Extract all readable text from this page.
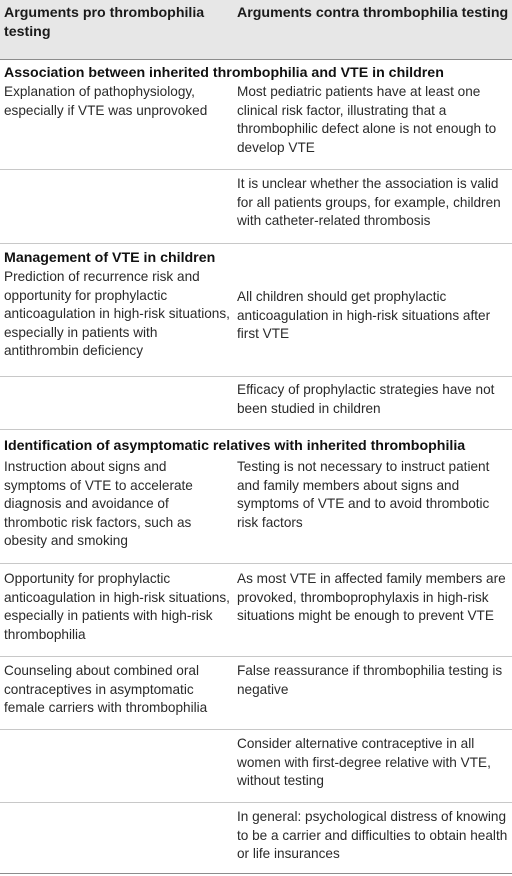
Arguments pro thrombophilia testing
Arguments contra thrombophilia testing
Association between inherited thrombophilia and VTE in children
Explanation of pathophysiology, especially if VTE was unprovoked
Most pediatric patients have at least one clinical risk factor, illustrating that a thrombophilic defect alone is not enough to develop VTE
It is unclear whether the association is valid for all patients groups, for example, children with catheter-related thrombosis
Management of VTE in children
Prediction of recurrence risk and opportunity for prophylactic anticoagulation in high-risk situations, especially in patients with antithrombin deficiency
All children should get prophylactic anticoagulation in high-risk situations after first VTE
Efficacy of prophylactic strategies have not been studied in children
Identification of asymptomatic relatives with inherited thrombophilia
Instruction about signs and symptoms of VTE to accelerate diagnosis and avoidance of thrombotic risk factors, such as obesity and smoking
Testing is not necessary to instruct patient and family members about signs and symptoms of VTE and to avoid thrombotic risk factors
Opportunity for prophylactic anticoagulation in high-risk situations, especially in patients with high-risk thrombophilia
As most VTE in affected family members are provoked, thromboprophylaxis in high-risk situations might be enough to prevent VTE
Counseling about combined oral contraceptives in asymptomatic female carriers with thrombophilia
False reassurance if thrombophilia testing is negative
Consider alternative contraceptive in all women with first-degree relative with VTE, without testing
In general: psychological distress of knowing to be a carrier and difficulties to obtain health or life insurances
